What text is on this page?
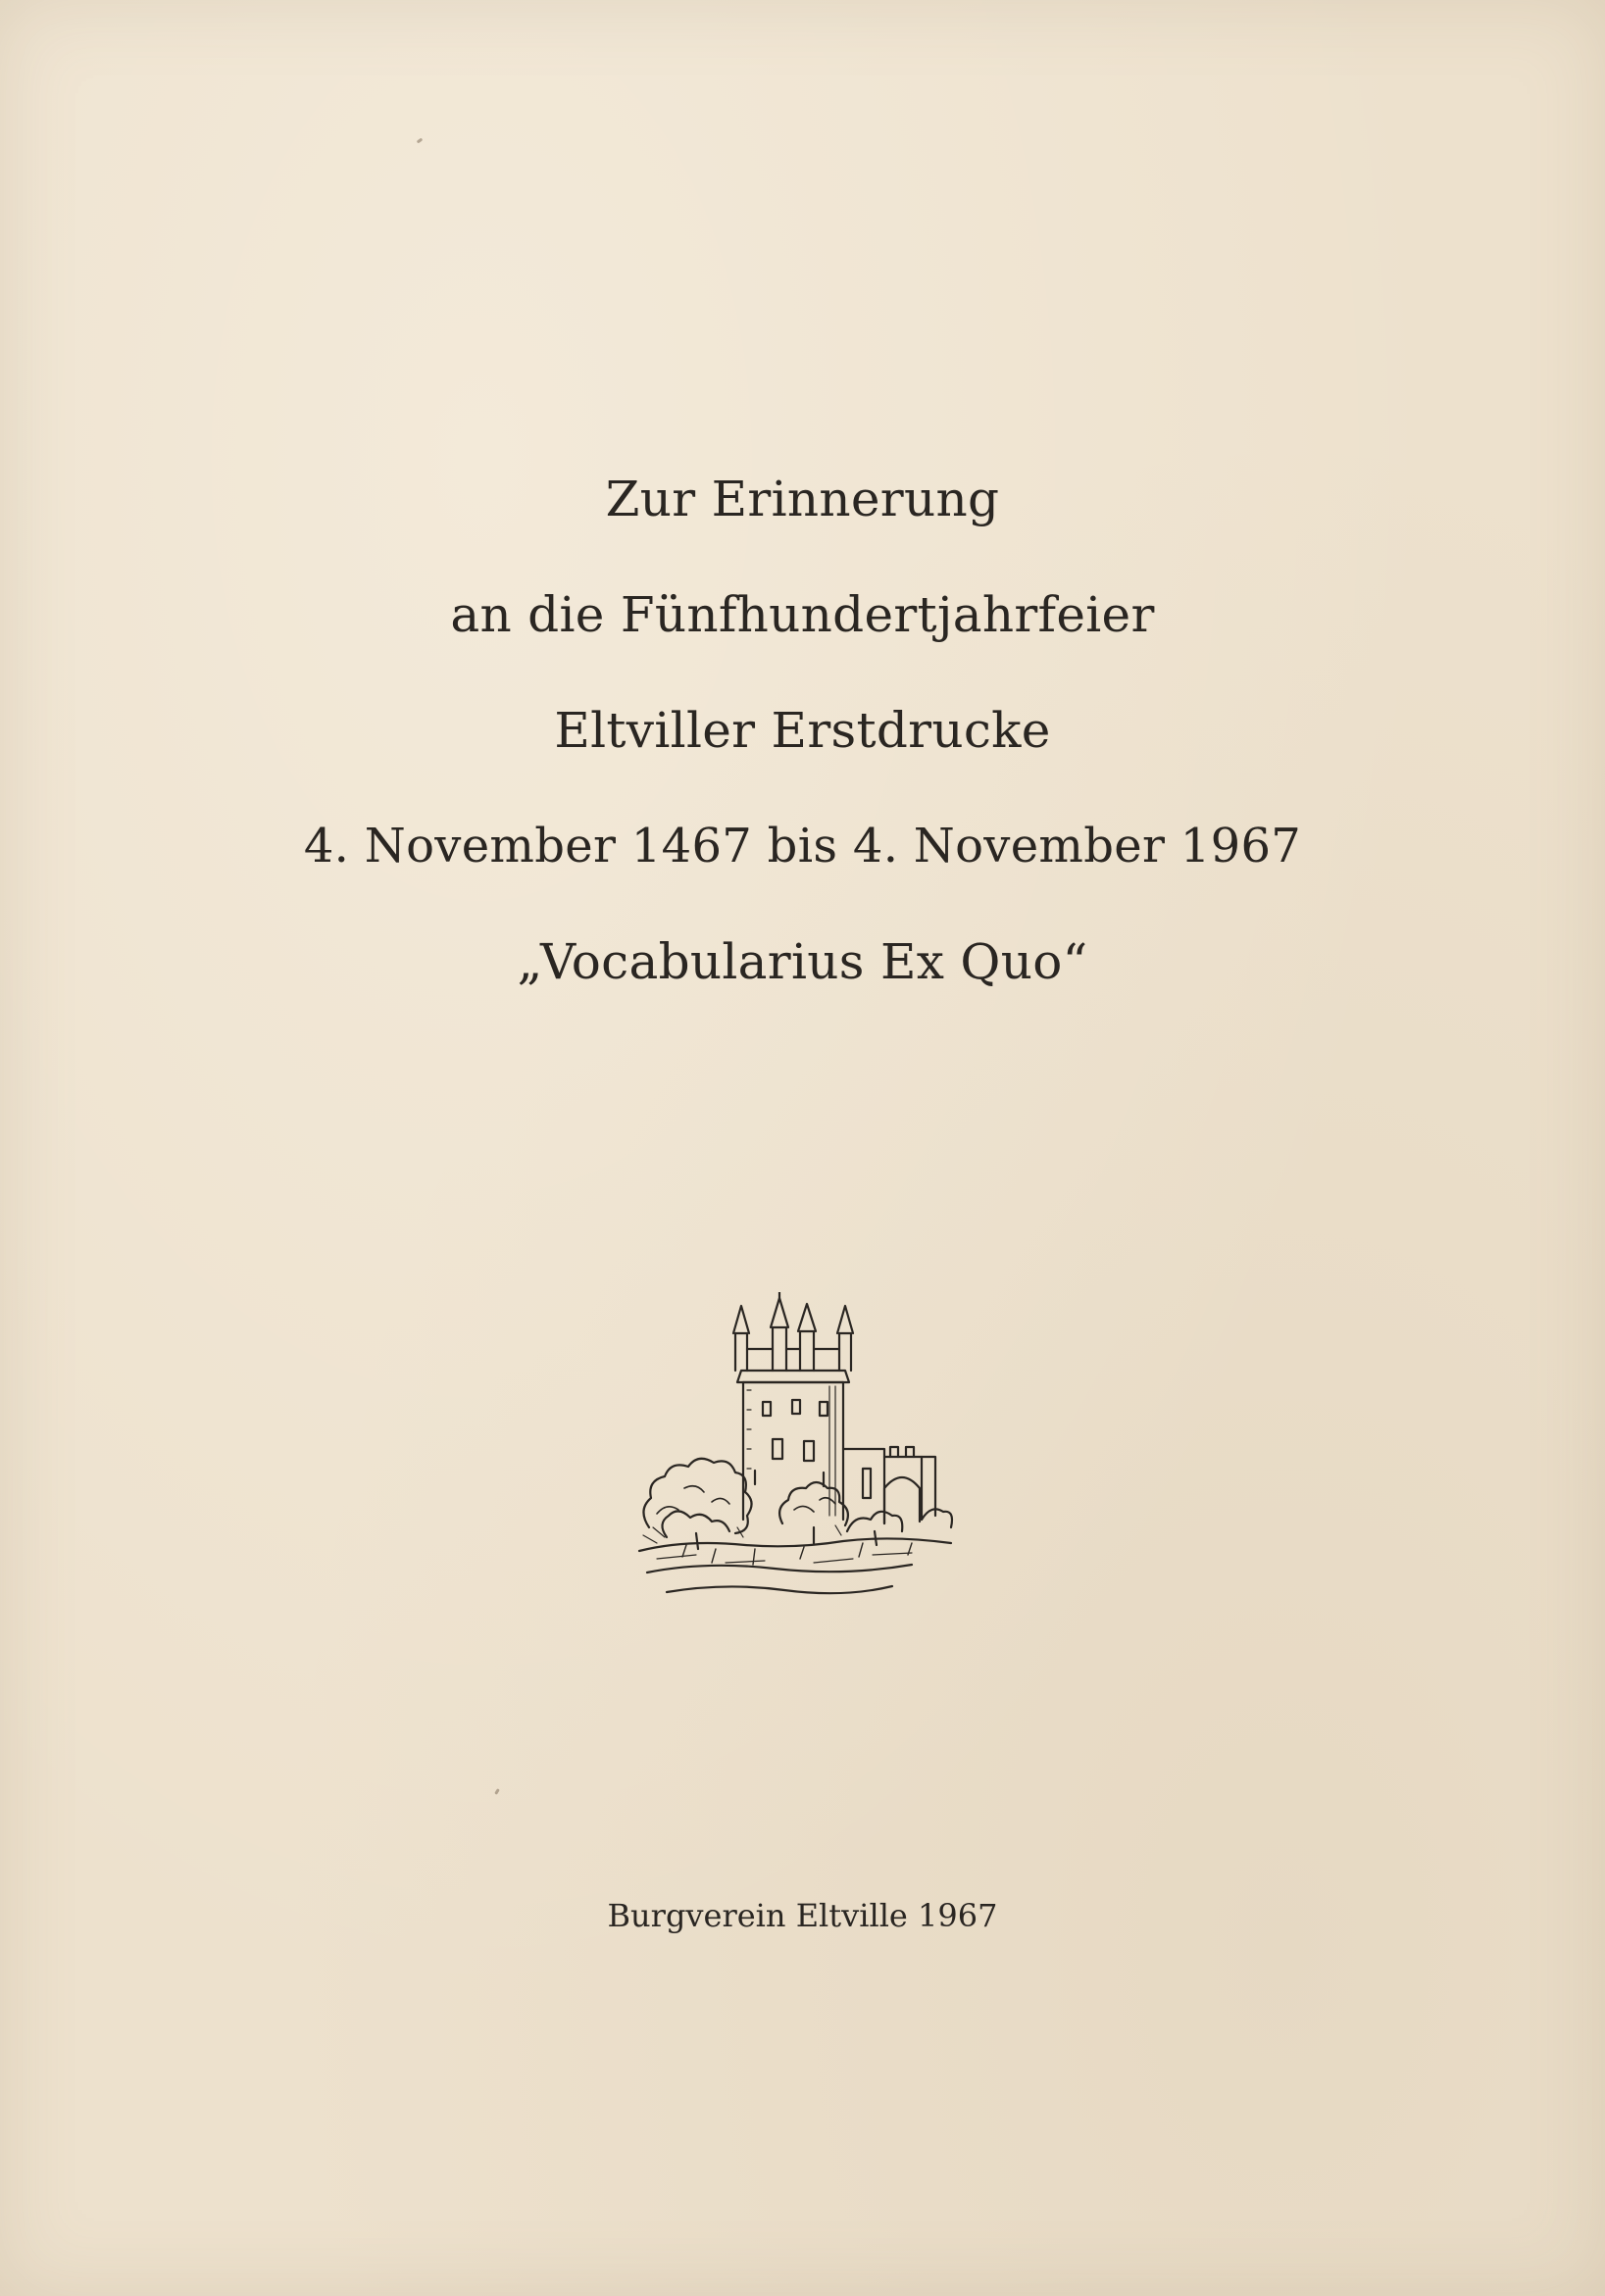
Zur Erinnerung
an die Fünfhundertjahrfeier
Eltviller Erstdrucke
4. November 1467 bis 4. November 1967
„Vocabularius Ex Quo“
Burgverein Eltville 1967
